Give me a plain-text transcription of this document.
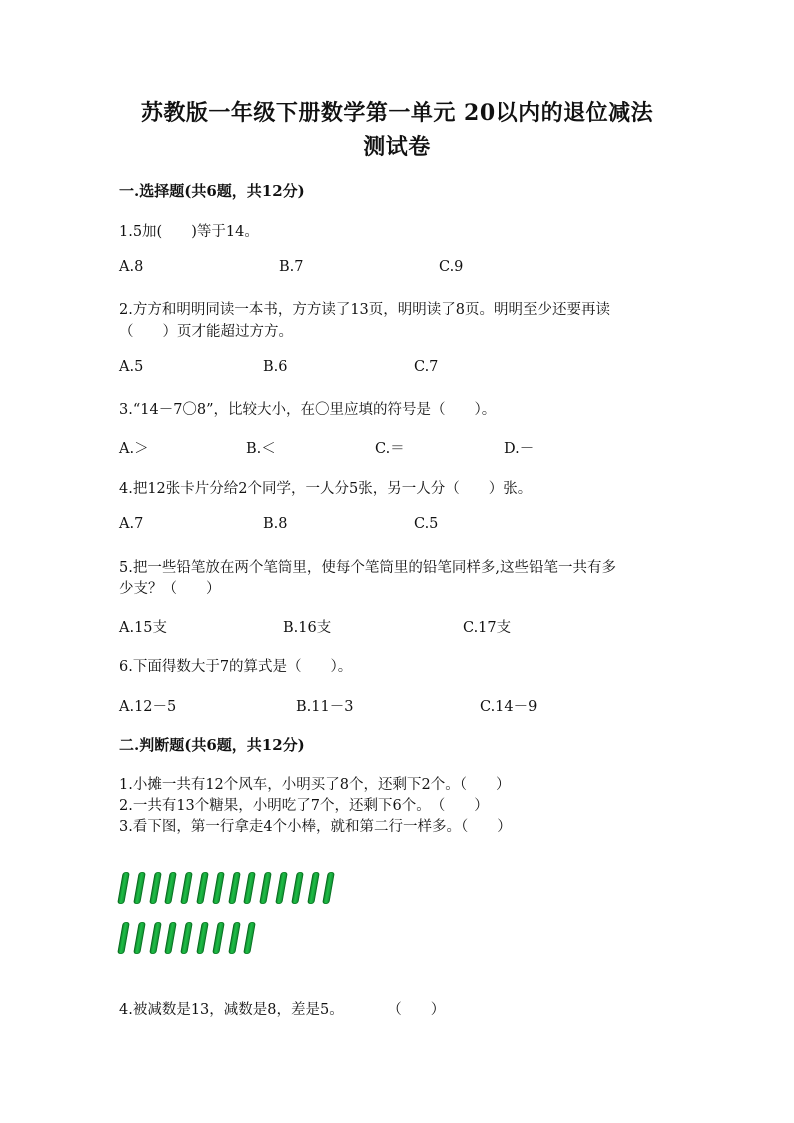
苏教版一年级下册数学第一单元 20以内的退位减法
测试卷
一.选择题(共6题，共12分)
1.5加(　　)等于14。
A.8	B.7	C.9
2.方方和明明同读一本书，方方读了13页，明明读了8页。明明至少还要再读
（　　）页才能超过方方。
A.5	B.6	C.7
3.“14－7〇8”，比较大小，在〇里应填的符号是（　　）。
A.＞	B.＜	C.＝	D.－
4.把12张卡片分给2个同学，一人分5张，另一人分（　　）张。
A.7	B.8	C.5
5.把一些铅笔放在两个笔筒里，使每个笔筒里的铅笔同样多,这些铅笔一共有多
少支？（　　）
A.15支	B.16支	C.17支
6.下面得数大于7的算式是（　　）。
A.12－5	B.11－3	C.14－9
二.判断题(共6题，共12分)
1.小摊一共有12个风车，小明买了8个，还剩下2个。（　　）
2.一共有13个糖果，小明吃了7个，还剩下6个。　（　　）
3.看下图，第一行拿走4个小棒，就和第二行一样多。（　　）
4.被减数是13，减数是8，差是5。　　　　（　　）
